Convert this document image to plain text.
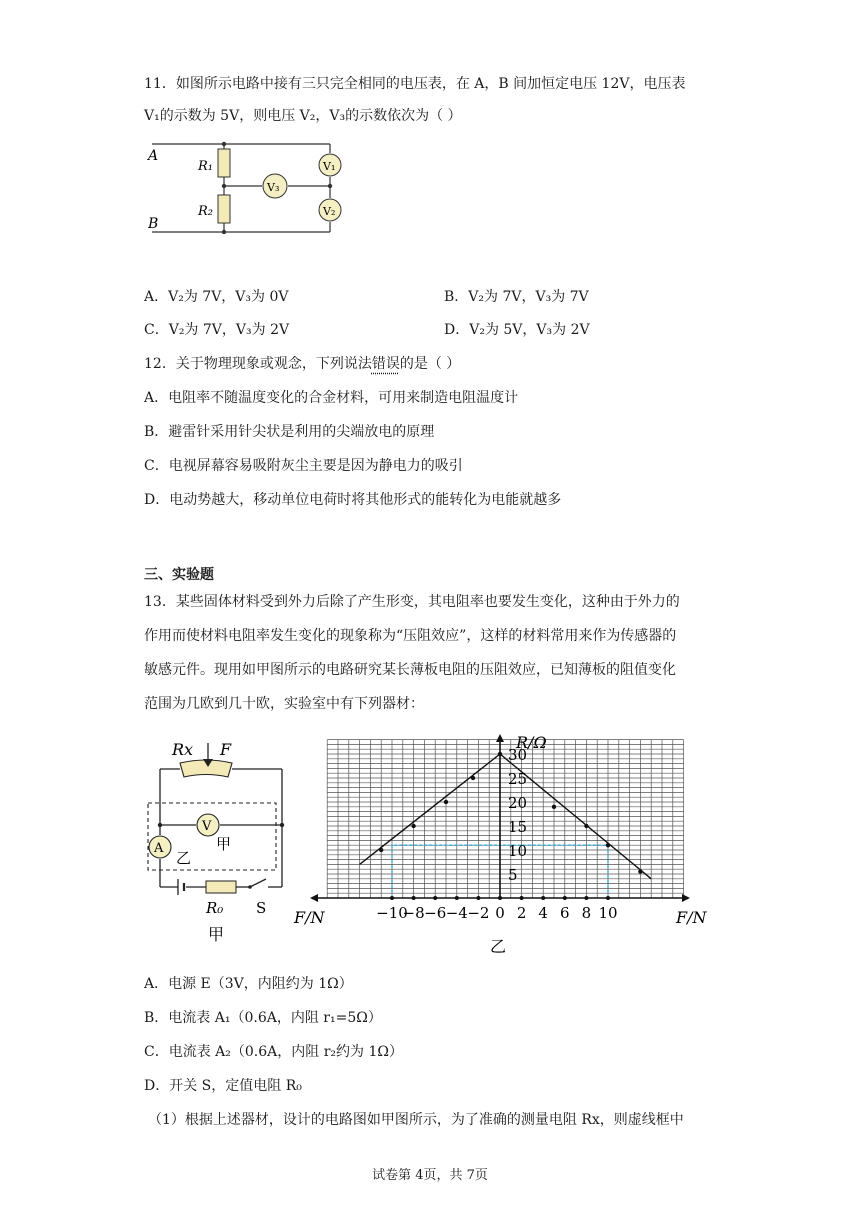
11．如图所示电路中接有三只完全相同的电压表，在 A，B 间加恒定电压 12V，电压表
V₁的示数为 5V，则电压 V₂，V₃的示数依次为（ ）
A
B
R₁
R₂
V₁
V₂
V₃
A．V₂为 7V，V₃为 0V	B．V₂为 7V，V₃为 7V
C．V₂为 7V，V₃为 2V	D．V₂为 5V，V₃为 2V
12．关于物理现象或观念，下列说法错误的是（ ）
A．电阻率不随温度变化的合金材料，可用来制造电阻温度计
B．避雷针采用针尖状是利用的尖端放电的原理
C．电视屏幕容易吸附灰尘主要是因为静电力的吸引
D．电动势越大，移动单位电荷时将其他形式的能转化为电能就越多
三、实验题
13．某些固体材料受到外力后除了产生形变，其电阻率也要发生变化，这种由于外力的
作用而使材料电阻率发生变化的现象称为“压阻效应”，这样的材料常用来作为传感器的
敏感元件。现用如甲图所示的电路研究某长薄板电阻的压阻效应，已知薄板的阻值变化
范围为几欧到几十欧，实验室中有下列器材：
Rx F
V
甲
A
乙
R₀ S
甲
−10
−8 −6 −4 −2 0 2 4 6 8 10
5
10
15
20
25
30
R/Ω
F/N	F/N
乙
A．电源 E（3V，内阻约为 1Ω）
B．电流表 A₁（0.6A，内阻 r₁=5Ω）
C．电流表 A₂（0.6A，内阻 r₂约为 1Ω）
D．开关 S，定值电阻 R₀
（1）根据上述器材，设计的电路图如甲图所示，为了准确的测量电阻 Rx，则虚线框中
试卷第 4页，共 7页
